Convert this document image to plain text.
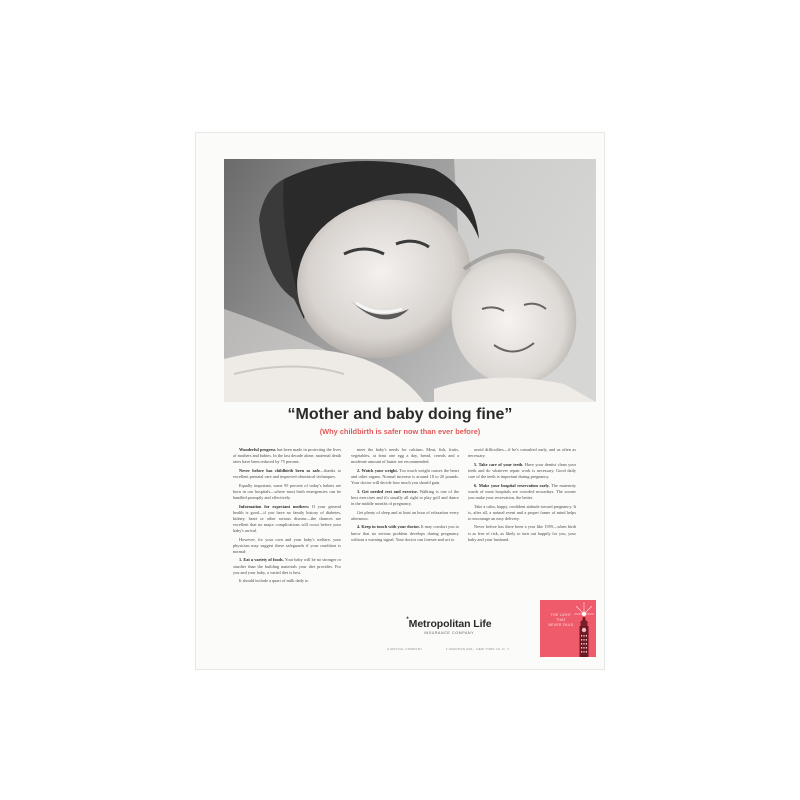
“Mother and baby doing fine”
(Why childbirth is safer now than ever before)

Wonderful progress has been made in protecting the lives of mothers and babies. In the last decade alone, maternal death rates have been reduced by 75 percent.

Never before has childbirth been so safe—thanks to excellent prenatal care and improved obstetrical techniques.

Equally important, some 95 percent of today's babies are born in our hospitals—where most birth emergencies can be handled promptly and effectively.

Information for expectant mothers: If your general health is good—if you have no family history of diabetes, kidney, heart or other serious disease—the chances are excellent that no major complications will occur before your baby's arrival.

However, for your own and your baby's welfare, your physician may suggest these safeguards if your condition is normal:

1. Eat a variety of foods. Your baby will be no stronger or sturdier than the building materials your diet provides. For you and your baby, a varied diet is best.

It should include a quart of milk daily to

meet the baby's needs for calcium. Meat, fish, fruits, vegetables, at least one egg a day, bread, cereals and a moderate amount of butter are recommended.

2. Watch your weight. Too much weight causes the heart and other organs. Normal increase is around 18 to 20 pounds. Your doctor will decide how much you should gain.

3. Get needed rest and exercise. Walking is one of the best exercises and it's usually all right to play golf and dance in the middle months of pregnancy.

Get plenty of sleep and at least an hour of relaxation every afternoon.

4. Keep in touch with your doctor. It may comfort you to know that no serious problem develops during pregnancy without a warning signal. Your doctor can foresee and act to

avoid difficulties—if he's consulted early, and as often as necessary.

5. Take care of your teeth. Have your dentist clean your teeth and do whatever repair work is necessary. Good daily care of the teeth is important during pregnancy.

6. Make your hospital reservation early. The maternity wards of most hospitals are crowded nowadays. The sooner you make your reservation, the better.

Take a calm, happy, confident attitude toward pregnancy. It is, after all, a natural event and a proper frame of mind helps to encourage an easy delivery.

Never before has there been a year like 1959—when birth is as free of risk, as likely to turn out happily for you, your baby and your husband.

*Metropolitan Life
INSURANCE COMPANY
A MUTUAL COMPANY	1 MADISON AVE., NEW YORK 10, N. Y.
THE LIGHT
THAT
NEVER FAILS
